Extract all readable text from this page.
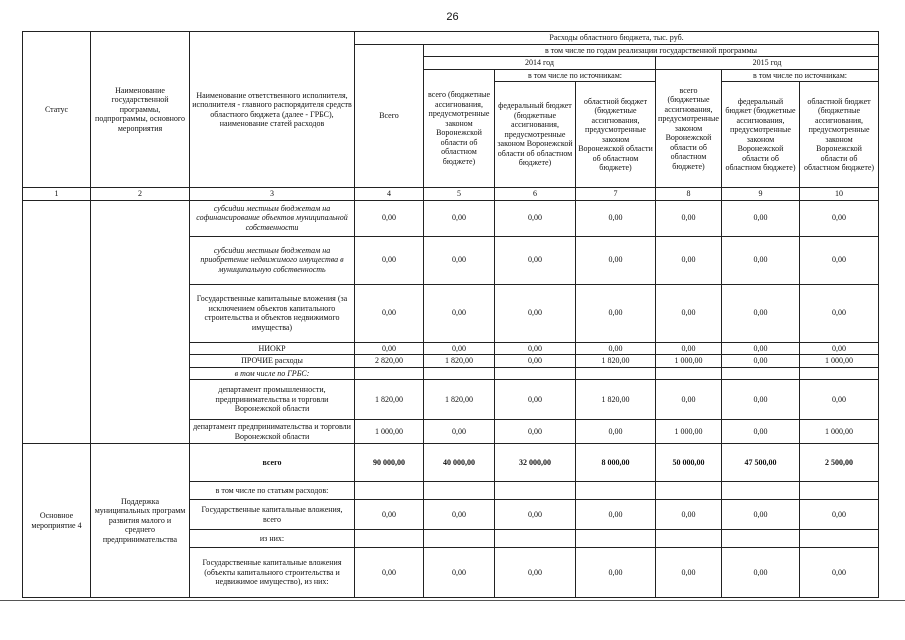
26
Статус	Наименование государственной программы, подпрограммы, основного мероприятия	Наименование ответственного исполнителя, исполнителя - главного распорядителя средств областного бюджета (далее - ГРБС), наименование статей расходов	Расходы областного бюджета, тыс. руб.						
			Всего	в том числе по годам реализации государственной программы					
				2014 год			2015 год		
				всего (бюджетные ассигнования, предусмотренные законом Воронежской области об областном бюджете)	в том числе по источникам:		всего (бюджетные ассигнования, предусмотренные законом Воронежской области об областном бюджете)	в том числе по источникам:	
					федеральный бюджет (бюджетные ассигнования, предусмотренные законом Воронежской области об областном бюджете)	областной бюджет (бюджетные ассигнования, предусмотренные законом Воронежской области об областном бюджете)		федеральный бюджет (бюджетные ассигнования, предусмотренные законом Воронежской области об областном бюджете)	областной бюджет (бюджетные ассигнования, предусмотренные законом Воронежской области об областном бюджете)
1	2	3	4	5	6	7	8	9	10
		субсидии местным бюджетам на софинансирование объектов муниципальной собственности	0,00	0,00	0,00	0,00	0,00	0,00	0,00
		субсидии местным бюджетам на приобретение недвижимого имущества в муниципальную собственность	0,00	0,00	0,00	0,00	0,00	0,00	0,00
		Государственные капитальные вложения (за исключением объектов капитального строительства и объектов недвижимого имущества)	0,00	0,00	0,00	0,00	0,00	0,00	0,00
		НИОКР	0,00	0,00	0,00	0,00	0,00	0,00	0,00
		ПРОЧИЕ расходы	2 820,00	1 820,00	0,00	1 820,00	1 000,00	0,00	1 000,00
		в том числе по ГРБС:							
		департамент промышленности, предпринимательства и торговли Воронежской области	1 820,00	1 820,00	0,00	1 820,00	0,00	0,00	0,00
		департамент предпринимательства и торговли Воронежской области	1 000,00	0,00	0,00	0,00	1 000,00	0,00	1 000,00
Основное мероприятие 4	Поддержка муниципальных программ развития малого и среднего предпринимательства	всего	90 000,00	40 000,00	32 000,00	8 000,00	50 000,00	47 500,00	2 500,00
		в том числе по статьям расходов:							
		Государственные капитальные вложения, всего	0,00	0,00	0,00	0,00	0,00	0,00	0,00
		из них:							
		Государственные капитальные вложения (объекты капитального строительства и недвижимое имущество), из них:	0,00	0,00	0,00	0,00	0,00	0,00	0,00
